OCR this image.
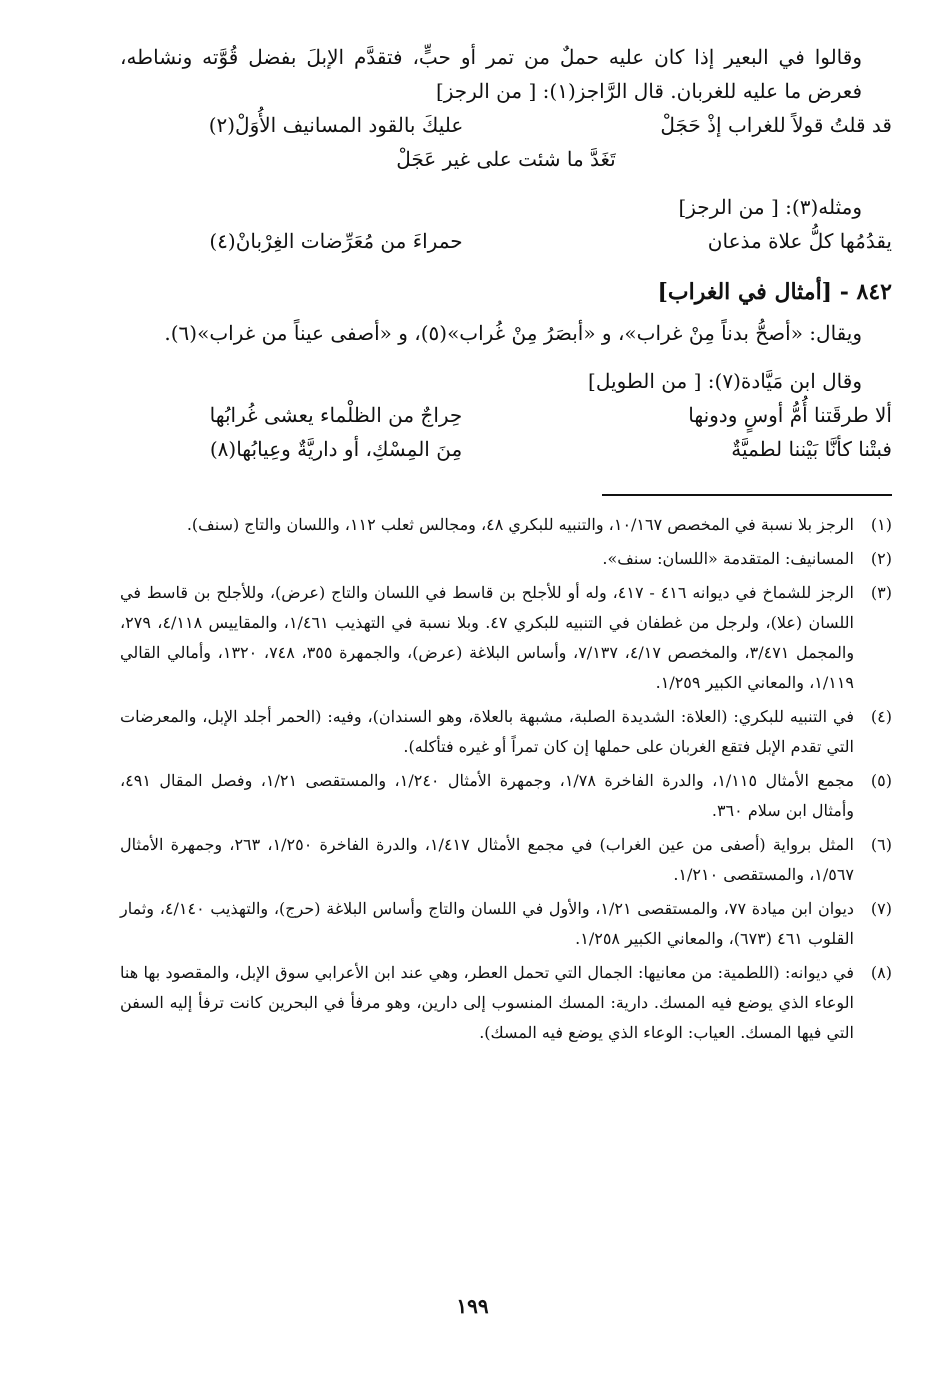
وقالوا في البعير إذا كان عليه حملٌ من تمر أو حبٍّ، فتقدَّم الإبلَ بفضل قُوَّته ونشاطه، فعرض ما عليه للغربان. قال الرَّاجز(١): [ من الرجز]

قد قلتُ قولاً للغراب إذْ حَجَلْ
عليكَ بالقود المسانيف الأُوَلْ(٢)

تَغَدَّ ما شئت على غير عَجَلْ

ومثله(٣): [ من الرجز]

يقدُمُها كلُّ علاة مذعان
حمراءَ من مُعَرِّضات الغِرْبانْ(٤)

٨٤٢ - [أمثال في الغراب]

ويقال: «أصحُّ بدناً مِنْ غراب»، و «أبصَرُ مِنْ غُراب»(٥)، و «أصفى عيناً من غراب»(٦).

وقال ابن مَيَّادة(٧): [ من الطويل]

ألا طرقَتنا أُمُّ أوسٍ ودونها
حِراجٌ من الظلْماء يعشى غُرابُها
فبتْنا كأنَّا بَيْننا لطميَّةٌ
مِنَ المِسْكِ، أو داريَّةٌ وعِيابُها(٨)
(١)
الرجز بلا نسبة في المخصص ١٠/١٦٧، والتنبيه للبكري ٤٨، ومجالس ثعلب ١١٢، واللسان والتاج (سنف).
(٢)
المسانيف: المتقدمة «اللسان: سنف».
(٣)
الرجز للشماخ في ديوانه ٤١٦ - ٤١٧، وله أو للأجلح بن قاسط في اللسان والتاج (عرض)، وللأجلح بن قاسط في اللسان (علا)، ولرجل من غطفان في التنبيه للبكري ٤٧. وبلا نسبة في التهذيب ١/٤٦١، والمقاييس ٤/١١٨، ٢٧٩، والمجمل ٣/٤٧١، والمخصص ٤/١٧، ٧/١٣٧، وأساس البلاغة (عرض)، والجمهرة ٣٥٥، ٧٤٨، ١٣٢٠، وأمالي القالي ١/١١٩، والمعاني الكبير ١/٢٥٩.
(٤)
في التنبيه للبكري: (العلاة: الشديدة الصلبة، مشبهة بالعلاة، وهو السندان)، وفيه: (الحمر أجلد الإبل، والمعرضات التي تقدم الإبل فتقع الغربان على حملها إن كان تمراً أو غيره فتأكله).
(٥)
مجمع الأمثال ١/١١٥، والدرة الفاخرة ١/٧٨، وجمهرة الأمثال ١/٢٤٠، والمستقصى ١/٢١، وفصل المقال ٤٩١، وأمثال ابن سلام ٣٦٠.
(٦)
المثل برواية (أصفى من عين الغراب) في مجمع الأمثال ١/٤١٧، والدرة الفاخرة ١/٢٥٠، ٢٦٣، وجمهرة الأمثال ١/٥٦٧، والمستقصى ١/٢١٠.
(٧)
ديوان ابن ميادة ٧٧، والمستقصى ١/٢١، والأول في اللسان والتاج وأساس البلاغة (حرج)، والتهذيب ٤/١٤٠، وثمار القلوب ٤٦١ (٦٧٣)، والمعاني الكبير ١/٢٥٨.
(٨)
في ديوانه: (اللطمية: من معانيها: الجمال التي تحمل العطر، وهي عند ابن الأعرابي سوق الإبل، والمقصود بها هنا الوعاء الذي يوضع فيه المسك. دارية: المسك المنسوب إلى دارين، وهو مرفأ في البحرين كانت ترفأ إليه السفن التي فيها المسك. العياب: الوعاء الذي يوضع فيه المسك).
١٩٩
